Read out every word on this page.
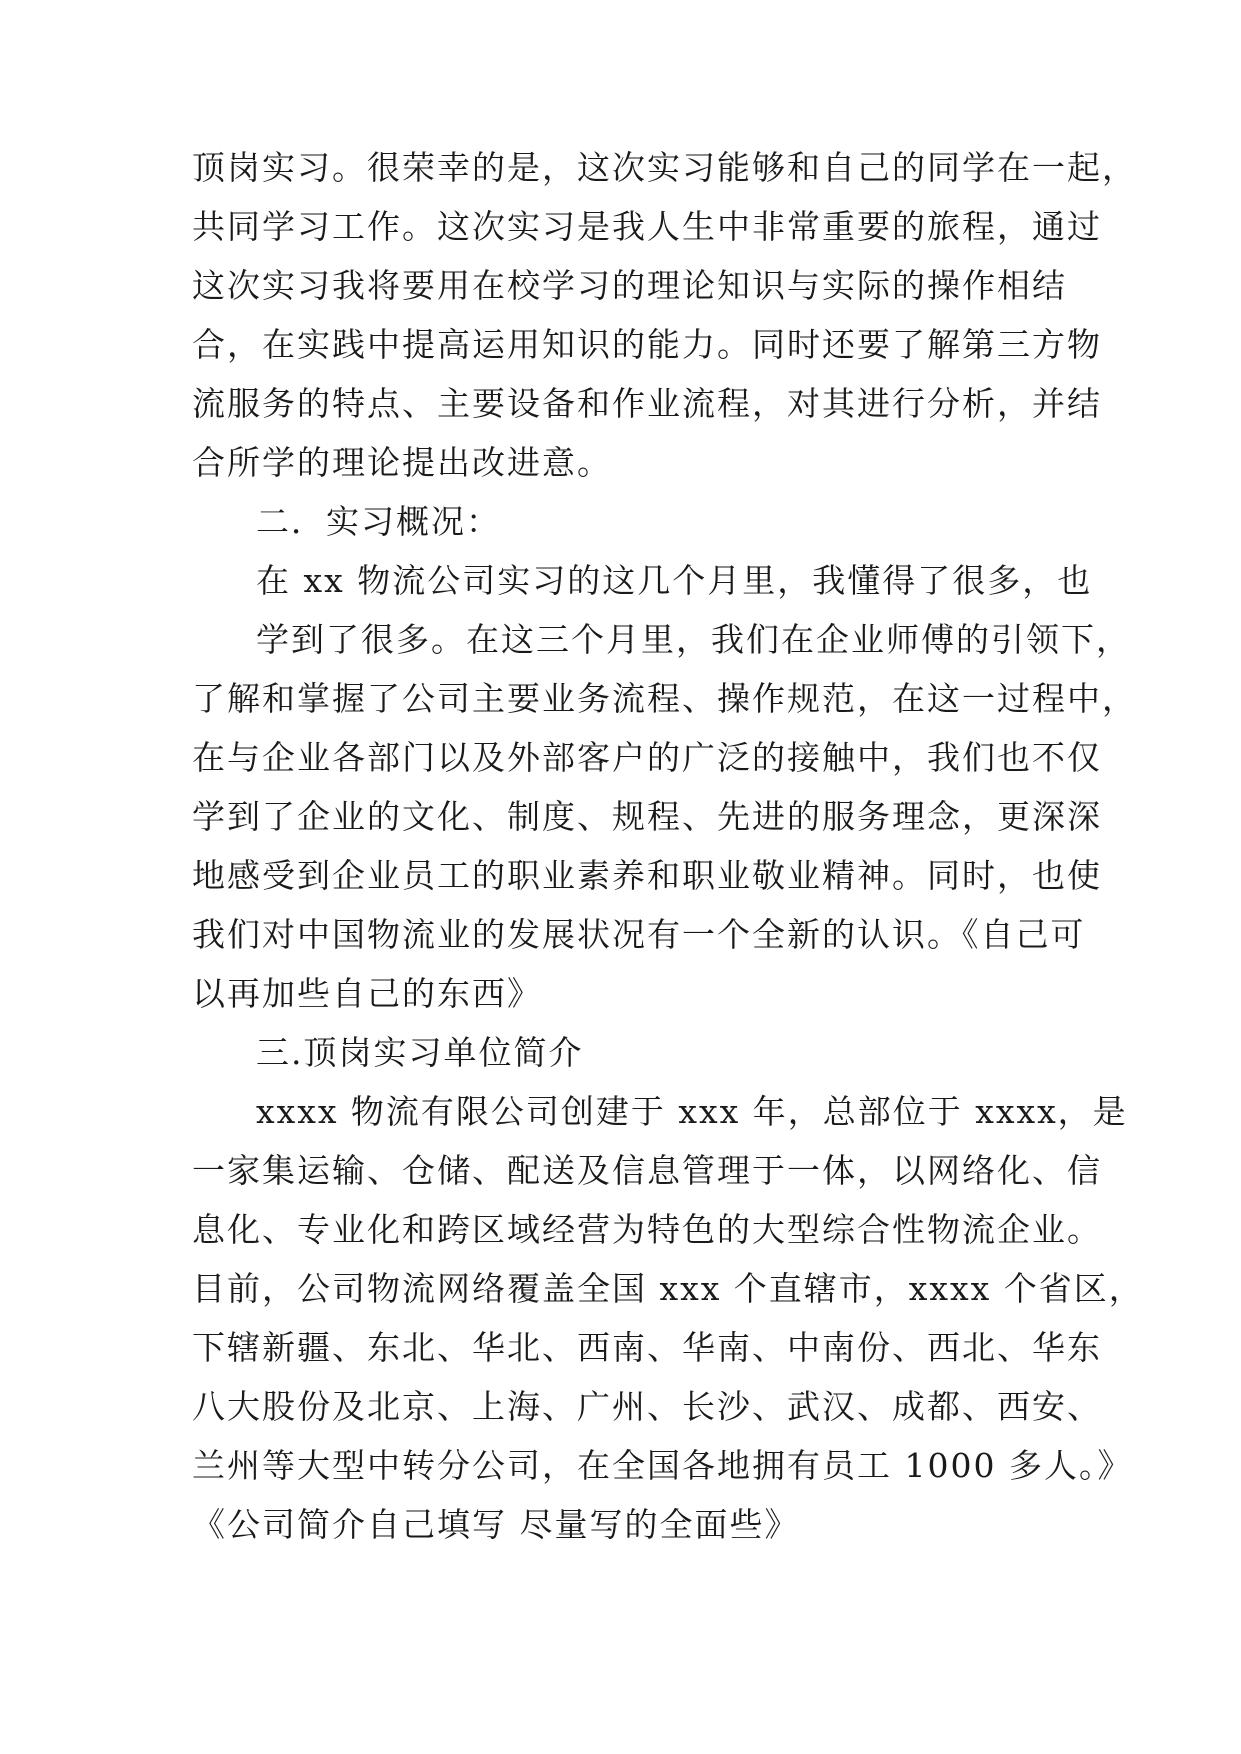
顶岗实习。很荣幸的是，这次实习能够和自己的同学在一起，
共同学习工作。这次实习是我人生中非常重要的旅程，通过
这次实习我将要用在校学习的理论知识与实际的操作相结
合，在实践中提高运用知识的能力。同时还要了解第三方物
流服务的特点、主要设备和作业流程，对其进行分析，并结
合所学的理论提出改进意。
二．实习概况：
在 xx 物流公司实习的这几个月里，我懂得了很多，也
学到了很多。在这三个月里，我们在企业师傅的引领下，
了解和掌握了公司主要业务流程、操作规范，在这一过程中，
在与企业各部门以及外部客户的广泛的接触中，我们也不仅
学到了企业的文化、制度、规程、先进的服务理念，更深深
地感受到企业员工的职业素养和职业敬业精神。同时，也使
我们对中国物流业的发展状况有一个全新的认识。《自己可
以再加些自己的东西》
三.顶岗实习单位简介
xxxx 物流有限公司创建于 xxx 年，总部位于 xxxx，是
一家集运输、仓储、配送及信息管理于一体，以网络化、信
息化、专业化和跨区域经营为特色的大型综合性物流企业。
目前，公司物流网络覆盖全国 xxx 个直辖市，xxxx 个省区，
下辖新疆、东北、华北、西南、华南、中南份、西北、华东
八大股份及北京、上海、广州、长沙、武汉、成都、西安、
兰州等大型中转分公司，在全国各地拥有员工 1000 多人。》
《公司简介自己填写 尽量写的全面些》
